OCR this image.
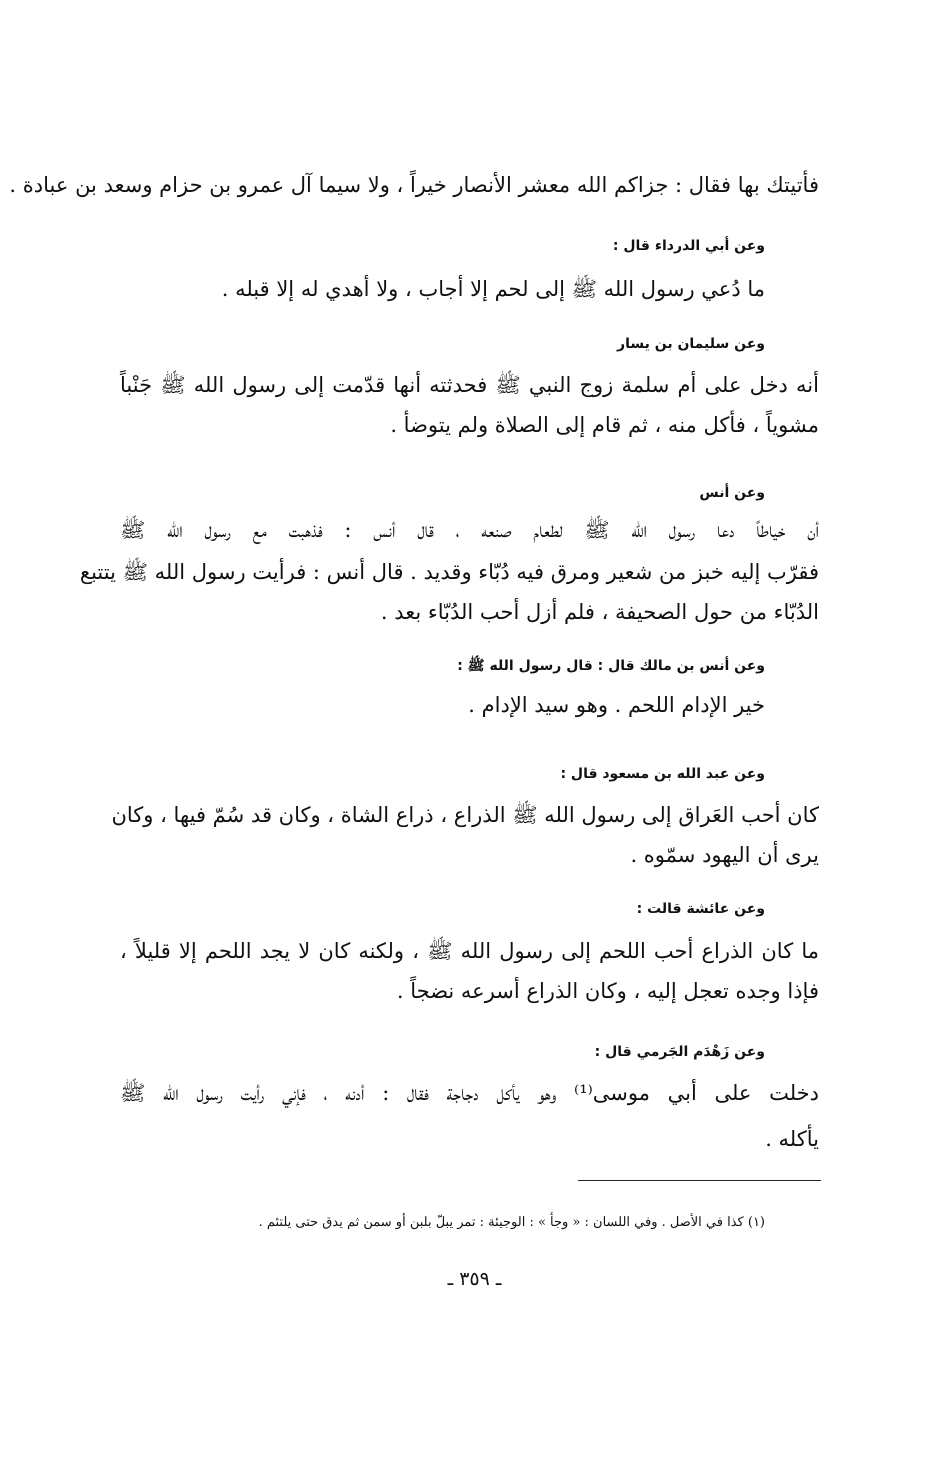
فأتيتك بها فقال : جزاكم الله معشر الأنصار خيراً ، ولا سيما آل عمرو بن حزام وسعد بن عبادة .
وعن أبي الدرداء قال :
ما دُعي رسول الله ﷺ إلى لحم إلا أجاب ، ولا أهدي له إلا قبله .
وعن سليمان بن يسار
أنه دخل على أم سلمة زوج النبي ﷺ فحدثته أنها قدّمت إلى رسول الله ﷺ جَنْباً
مشوياً ، فأكل منه ، ثم قام إلى الصلاة ولم يتوضأ .
وعن أنس
أن خياطاً دعا رسول الله ﷺ لطعام صنعه ، قال أنس : فذهبت مع رسول الله ﷺ
فقرّب إليه خبز من شعير ومرق فيه دُبّاء وقديد . قال أنس : فرأيت رسول الله ﷺ يتتبع
الدُبّاء من حول الصحيفة ، فلم أزل أحب الدُبّاء بعد .
وعن أنس بن مالك قال : قال رسول الله ﷺ :
خير الإدام اللحم . وهو سيد الإدام .
وعن عبد الله بن مسعود قال :
كان أحب العَراق إلى رسول الله ﷺ الذراع ، ذراع الشاة ، وكان قد سُمّ فيها ، وكان
يرى أن اليهود سمّوه .
وعن عائشة قالت :
ما كان الذراع أحب اللحم إلى رسول الله ﷺ ، ولكنه كان لا يجد اللحم إلا قليلاً ،
فإذا وجده تعجل إليه ، وكان الذراع أسرعه نضجاً .
وعن زَهْدَم الجَرمي قال :
دخلت على أبي موسى⁽¹⁾ وهو يأكل دجاجة فقال : أدنه ، فإني رأيت رسول الله ﷺ
يأكله .
(١) كذا في الأصل . وفي اللسان : « وجأ » : الوجيئة : تمر يبلّ بلبن أو سمن ثم يدق حتى يلتئم .
ـ ٣٥٩ ـ
